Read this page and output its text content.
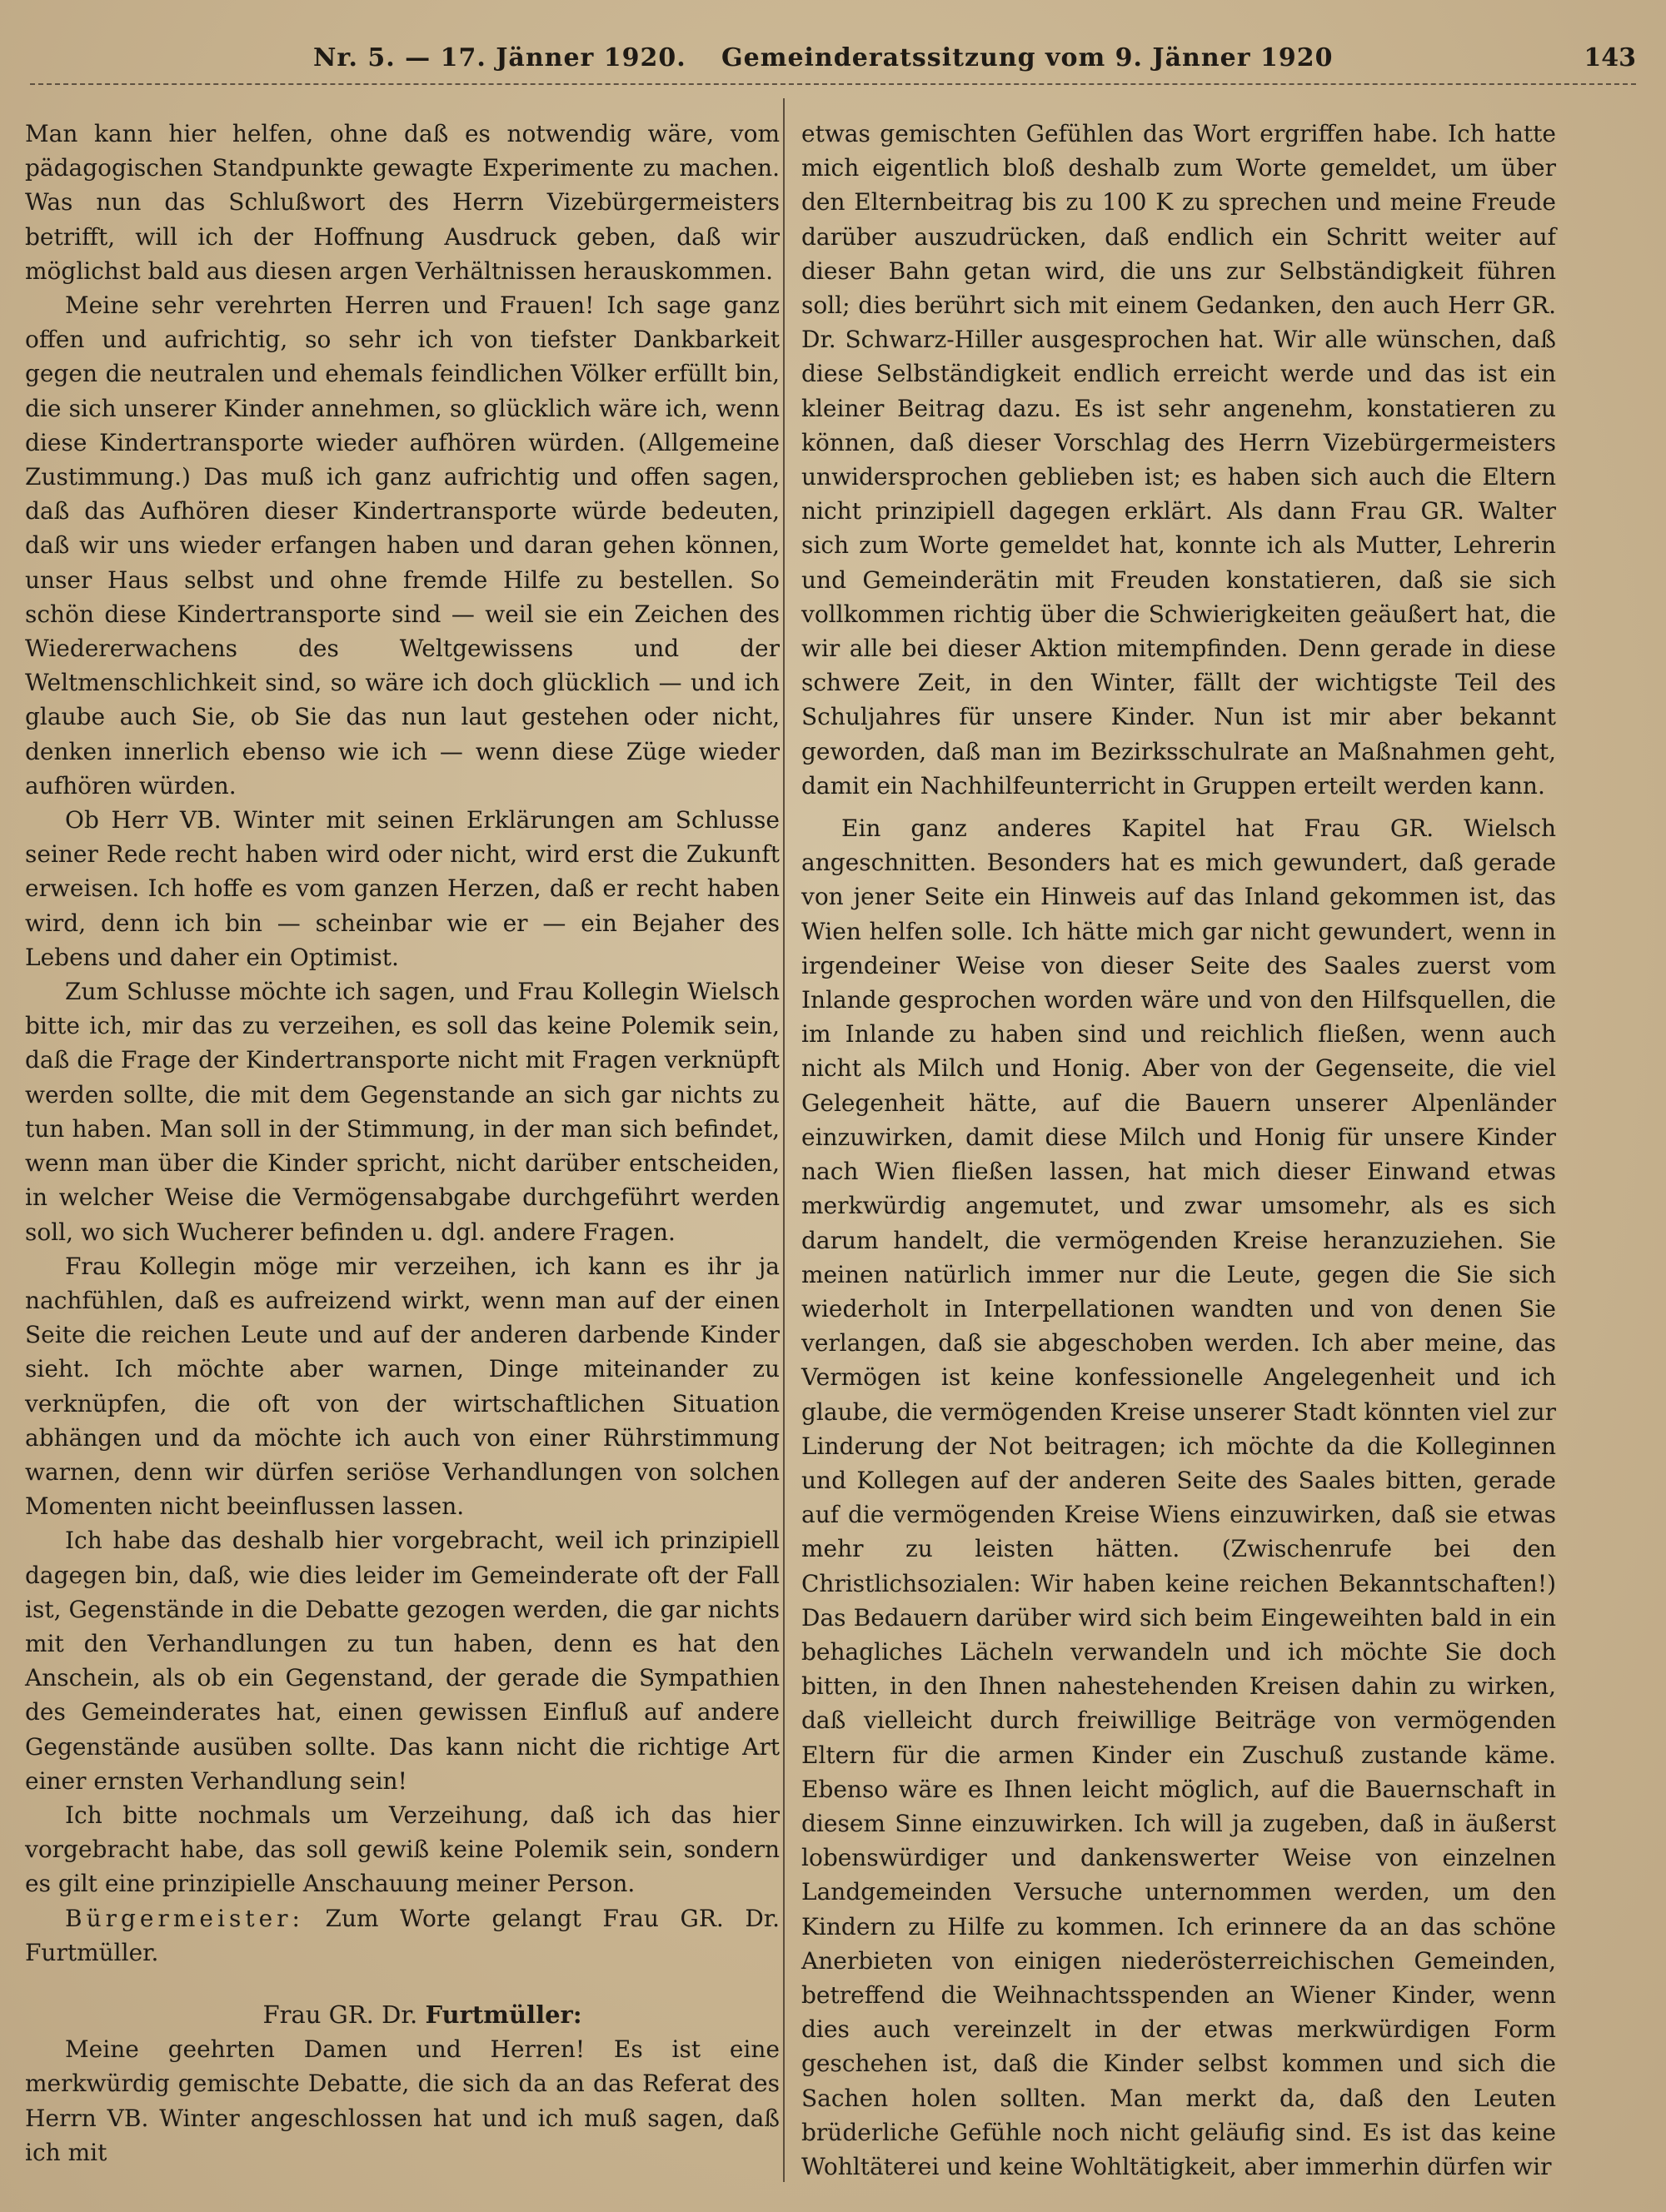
Nr. 5. — 17. Jänner 1920. Gemeinderatssitzung vom 9. Jänner 1920	143

Man kann hier helfen, ohne daß es notwendig wäre, vom pädagogischen Standpunkte gewagte Experimente zu machen. Was nun das Schlußwort des Herrn Vizebürgermeisters betrifft, will ich der Hoffnung Ausdruck geben, daß wir möglichst bald aus diesen argen Verhältnissen herauskommen.

Meine sehr verehrten Herren und Frauen! Ich sage ganz offen und aufrichtig, so sehr ich von tiefster Dankbarkeit gegen die neutralen und ehemals feindlichen Völker erfüllt bin, die sich unserer Kinder annehmen, so glücklich wäre ich, wenn diese Kindertransporte wieder aufhören würden. (Allgemeine Zustimmung.) Das muß ich ganz aufrichtig und offen sagen, daß das Aufhören dieser Kindertransporte würde bedeuten, daß wir uns wieder erfangen haben und daran gehen können, unser Haus selbst und ohne fremde Hilfe zu bestellen. So schön diese Kindertransporte sind — weil sie ein Zeichen des Wiedererwachens des Weltgewissens und der Weltmenschlichkeit sind, so wäre ich doch glücklich — und ich glaube auch Sie, ob Sie das nun laut gestehen oder nicht, denken innerlich ebenso wie ich — wenn diese Züge wieder aufhören würden.

Ob Herr VB. Winter mit seinen Erklärungen am Schlusse seiner Rede recht haben wird oder nicht, wird erst die Zukunft erweisen. Ich hoffe es vom ganzen Herzen, daß er recht haben wird, denn ich bin — scheinbar wie er — ein Bejaher des Lebens und daher ein Optimist.

Zum Schlusse möchte ich sagen, und Frau Kollegin Wielsch bitte ich, mir das zu verzeihen, es soll das keine Polemik sein, daß die Frage der Kindertransporte nicht mit Fragen verknüpft werden sollte, die mit dem Gegenstande an sich gar nichts zu tun haben. Man soll in der Stimmung, in der man sich befindet, wenn man über die Kinder spricht, nicht darüber entscheiden, in welcher Weise die Vermögensabgabe durchgeführt werden soll, wo sich Wucherer befinden u. dgl. andere Fragen.

Frau Kollegin möge mir verzeihen, ich kann es ihr ja nachfühlen, daß es aufreizend wirkt, wenn man auf der einen Seite die reichen Leute und auf der anderen darbende Kinder sieht. Ich möchte aber warnen, Dinge miteinander zu verknüpfen, die oft von der wirtschaftlichen Situation abhängen und da möchte ich auch von einer Rührstimmung warnen, denn wir dürfen seriöse Verhandlungen von solchen Momenten nicht beeinflussen lassen.

Ich habe das deshalb hier vorgebracht, weil ich prinzipiell dagegen bin, daß, wie dies leider im Gemeinderate oft der Fall ist, Gegenstände in die Debatte gezogen werden, die gar nichts mit den Verhandlungen zu tun haben, denn es hat den Anschein, als ob ein Gegenstand, der gerade die Sympathien des Gemeinderates hat, einen gewissen Einfluß auf andere Gegenstände ausüben sollte. Das kann nicht die richtige Art einer ernsten Verhandlung sein!

Ich bitte nochmals um Verzeihung, daß ich das hier vorgebracht habe, das soll gewiß keine Polemik sein, sondern es gilt eine prinzipielle Anschauung meiner Person.

Bürgermeister: Zum Worte gelangt Frau GR. Dr. Furtmüller.

Frau GR. Dr. Furtmüller:

Meine geehrten Damen und Herren! Es ist eine merkwürdig gemischte Debatte, die sich da an das Referat des Herrn VB. Winter angeschlossen hat und ich muß sagen, daß ich mit

etwas gemischten Gefühlen das Wort ergriffen habe. Ich hatte mich eigentlich bloß deshalb zum Worte gemeldet, um über den Elternbeitrag bis zu 100 K zu sprechen und meine Freude darüber auszudrücken, daß endlich ein Schritt weiter auf dieser Bahn getan wird, die uns zur Selbständigkeit führen soll; dies berührt sich mit einem Gedanken, den auch Herr GR. Dr. Schwarz-Hiller ausgesprochen hat. Wir alle wünschen, daß diese Selbständigkeit endlich erreicht werde und das ist ein kleiner Beitrag dazu. Es ist sehr angenehm, konstatieren zu können, daß dieser Vorschlag des Herrn Vizebürgermeisters unwidersprochen geblieben ist; es haben sich auch die Eltern nicht prinzipiell dagegen erklärt. Als dann Frau GR. Walter sich zum Worte gemeldet hat, konnte ich als Mutter, Lehrerin und Gemeinderätin mit Freuden konstatieren, daß sie sich vollkommen richtig über die Schwierigkeiten geäußert hat, die wir alle bei dieser Aktion mitempfinden. Denn gerade in diese schwere Zeit, in den Winter, fällt der wichtigste Teil des Schuljahres für unsere Kinder. Nun ist mir aber bekannt geworden, daß man im Bezirksschulrate an Maßnahmen geht, damit ein Nachhilfeunterricht in Gruppen erteilt werden kann.

Ein ganz anderes Kapitel hat Frau GR. Wielsch angeschnitten. Besonders hat es mich gewundert, daß gerade von jener Seite ein Hinweis auf das Inland gekommen ist, das Wien helfen solle. Ich hätte mich gar nicht gewundert, wenn in irgendeiner Weise von dieser Seite des Saales zuerst vom Inlande gesprochen worden wäre und von den Hilfsquellen, die im Inlande zu haben sind und reichlich fließen, wenn auch nicht als Milch und Honig. Aber von der Gegenseite, die viel Gelegenheit hätte, auf die Bauern unserer Alpenländer einzuwirken, damit diese Milch und Honig für unsere Kinder nach Wien fließen lassen, hat mich dieser Einwand etwas merkwürdig angemutet, und zwar umsomehr, als es sich darum handelt, die vermögenden Kreise heranzuziehen. Sie meinen natürlich immer nur die Leute, gegen die Sie sich wiederholt in Interpellationen wandten und von denen Sie verlangen, daß sie abgeschoben werden. Ich aber meine, das Vermögen ist keine konfessionelle Angelegenheit und ich glaube, die vermögenden Kreise unserer Stadt könnten viel zur Linderung der Not beitragen; ich möchte da die Kolleginnen und Kollegen auf der anderen Seite des Saales bitten, gerade auf die vermögenden Kreise Wiens einzuwirken, daß sie etwas mehr zu leisten hätten. (Zwischenrufe bei den Christlichsozialen: Wir haben keine reichen Bekanntschaften!) Das Bedauern darüber wird sich beim Eingeweihten bald in ein behagliches Lächeln verwandeln und ich möchte Sie doch bitten, in den Ihnen nahestehenden Kreisen dahin zu wirken, daß vielleicht durch freiwillige Beiträge von vermögenden Eltern für die armen Kinder ein Zuschuß zustande käme. Ebenso wäre es Ihnen leicht möglich, auf die Bauernschaft in diesem Sinne einzuwirken. Ich will ja zugeben, daß in äußerst lobenswürdiger und dankenswerter Weise von einzelnen Landgemeinden Versuche unternommen werden, um den Kindern zu Hilfe zu kommen. Ich erinnere da an das schöne Anerbieten von einigen niederösterreichischen Gemeinden, betreffend die Weihnachtsspenden an Wiener Kinder, wenn dies auch vereinzelt in der etwas merkwürdigen Form geschehen ist, daß die Kinder selbst kommen und sich die Sachen holen sollten. Man merkt da, daß den Leuten brüderliche Gefühle noch nicht geläufig sind. Es ist das keine Wohltäterei und keine Wohltätigkeit, aber immerhin dürfen wir
